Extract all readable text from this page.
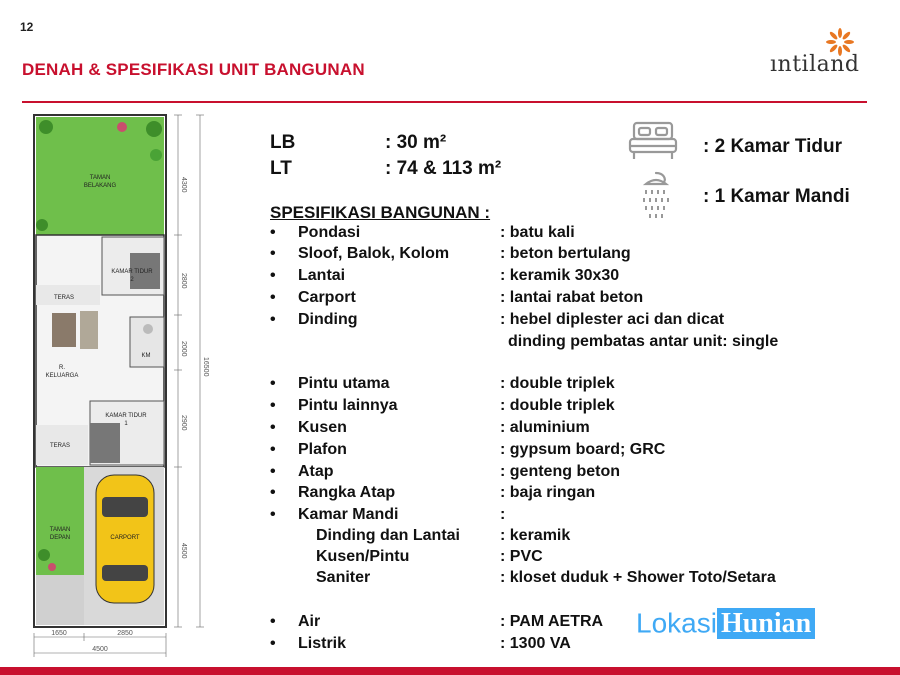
12
DENAH & SPESIFIKASI UNIT BANGUNAN	ıntiland
TAMAN
BELAKANG
KAMAR TIDUR
2
TERAS
KM
R.
KELUARGA
KAMAR TIDUR
1
TERAS
TAMAN
DEPAN	CARPORT
4300
2800
2000
2900
4500
16500
1650	2850
4500
LB	: 30 m²
LT	: 74 & 113 m²
: 2 Kamar Tidur
: 1 Kamar Mandi
SPESIFIKASI BANGUNAN :
• Pondasi	: batu kali
• Sloof, Balok, Kolom	: beton bertulang
• Lantai	: keramik 30x30
• Carport	: lantai rabat beton
• Dinding	: hebel diplester aci dan dicat
dinding pembatas antar unit: single
• Pintu utama	: double triplek
• Pintu lainnya	: double triplek
• Kusen	: aluminium
• Plafon	: gypsum board; GRC
• Atap	: genteng beton
• Rangka Atap	: baja ringan
• Kamar Mandi	:
Dinding dan Lantai	: keramik
Kusen/Pintu	: PVC
Saniter	: kloset duduk + Shower Toto/Setara
• Air	: PAM AETRA
• Listrik	: 1300 VA
Lokasi Hunian
